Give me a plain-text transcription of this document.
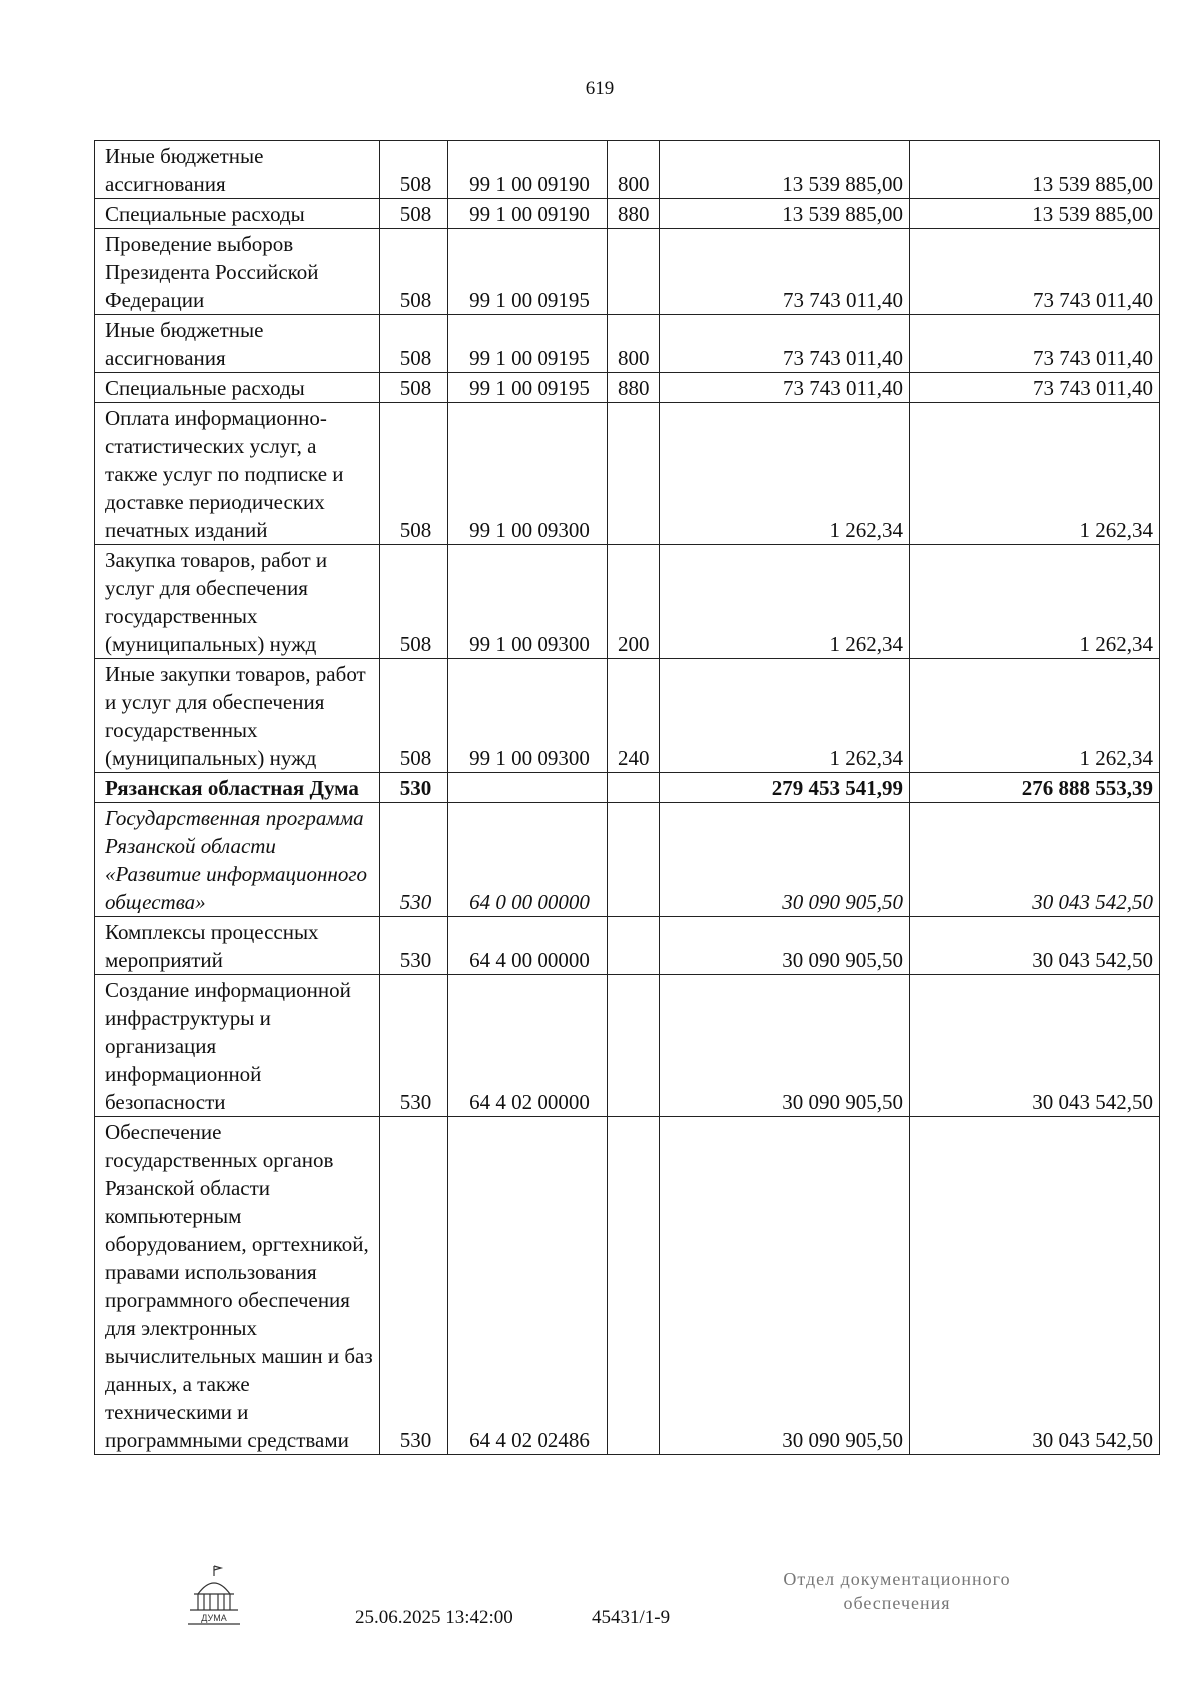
619
Иные бюджетные ассигнования	508	99 1 00 09190	800	13 539 885,00	13 539 885,00
Специальные расходы	508	99 1 00 09190	880	13 539 885,00	13 539 885,00
Проведение выборов Президента Российской Федерации	508	99 1 00 09195		73 743 011,40	73 743 011,40
Иные бюджетные ассигнования	508	99 1 00 09195	800	73 743 011,40	73 743 011,40
Специальные расходы	508	99 1 00 09195	880	73 743 011,40	73 743 011,40
Оплата информационно-статистических услуг, а также услуг по подписке и доставке периодических печатных изданий	508	99 1 00 09300		1 262,34	1 262,34
Закупка товаров, работ и услуг для обеспечения государственных (муниципальных) нужд	508	99 1 00 09300	200	1 262,34	1 262,34
Иные закупки товаров, работ и услуг для обеспечения государственных (муниципальных) нужд	508	99 1 00 09300	240	1 262,34	1 262,34
Рязанская областная Дума	530			279 453 541,99	276 888 553,39
Государственная программа Рязанской области «Развитие информационного общества»	530	64 0 00 00000		30 090 905,50	30 043 542,50
Комплексы процессных мероприятий	530	64 4 00 00000		30 090 905,50	30 043 542,50
Создание информационной инфраструктуры и организация информационной безопасности	530	64 4 02 00000		30 090 905,50	30 043 542,50
Обеспечение государственных органов Рязанской области компьютерным оборудованием, оргтехникой, правами использования программного обеспечения для электронных вычислительных машин и баз данных, а также техническими и программными средствами	530	64 4 02 02486		30 090 905,50	30 043 542,50
ДУМА	25.06.2025 13:42:00	45431/1-9
Отдел документационного
обеспечения
